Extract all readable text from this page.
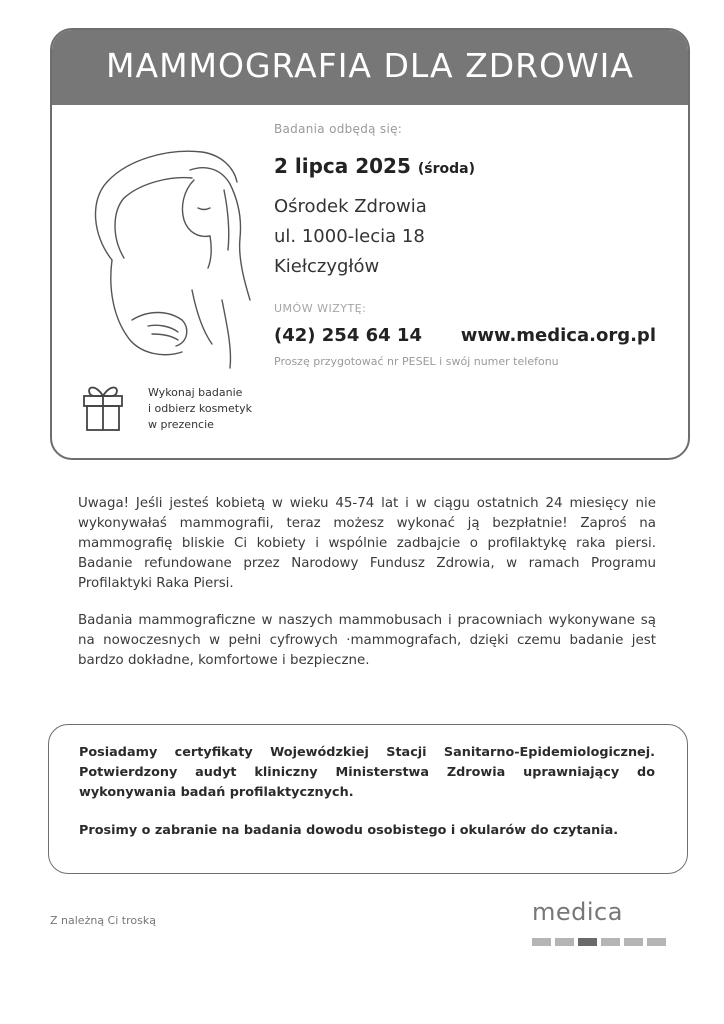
MAMMOGRAFIA DLA ZDROWIA
Wykonaj badanie
i odbierz kosmetyk
w prezencie
Badania odbędą się:
2 lipca 2025 (środa)
Ośrodek Zdrowia
ul. 1000-lecia 18
Kiełczygłów
UMÓW WIZYTĘ:
(42) 254 64 14 www.medica.org.pl
Proszę przygotować nr PESEL i swój numer telefonu

Uwaga! Jeśli jesteś kobietą w wieku 45-74 lat i w ciągu ostatnich 24 miesięcy nie wykonywałaś mammografii, teraz możesz wykonać ją bezpłatnie! Zaproś na mammografię bliskie Ci kobiety i wspólnie zadbajcie o profilaktykę raka piersi. Badanie refundowane przez Narodowy Fundusz Zdrowia, w ramach Programu Profilaktyki Raka Piersi.

Badania mammograficzne w naszych mammobusach i pracowniach wykonywane są na nowoczesnych w pełni cyfrowych ·mammografach, dzięki czemu badanie jest bardzo dokładne, komfortowe i bezpieczne.

Posiadamy certyfikaty Wojewódzkiej Stacji Sanitarno-Epidemiologicznej. Potwierdzony audyt kliniczny Ministerstwa Zdrowia uprawniający do wykonywania badań profilaktycznych.

Prosimy o zabranie na badania dowodu osobistego i okularów do czytania.

Z należną Ci troską	medica
